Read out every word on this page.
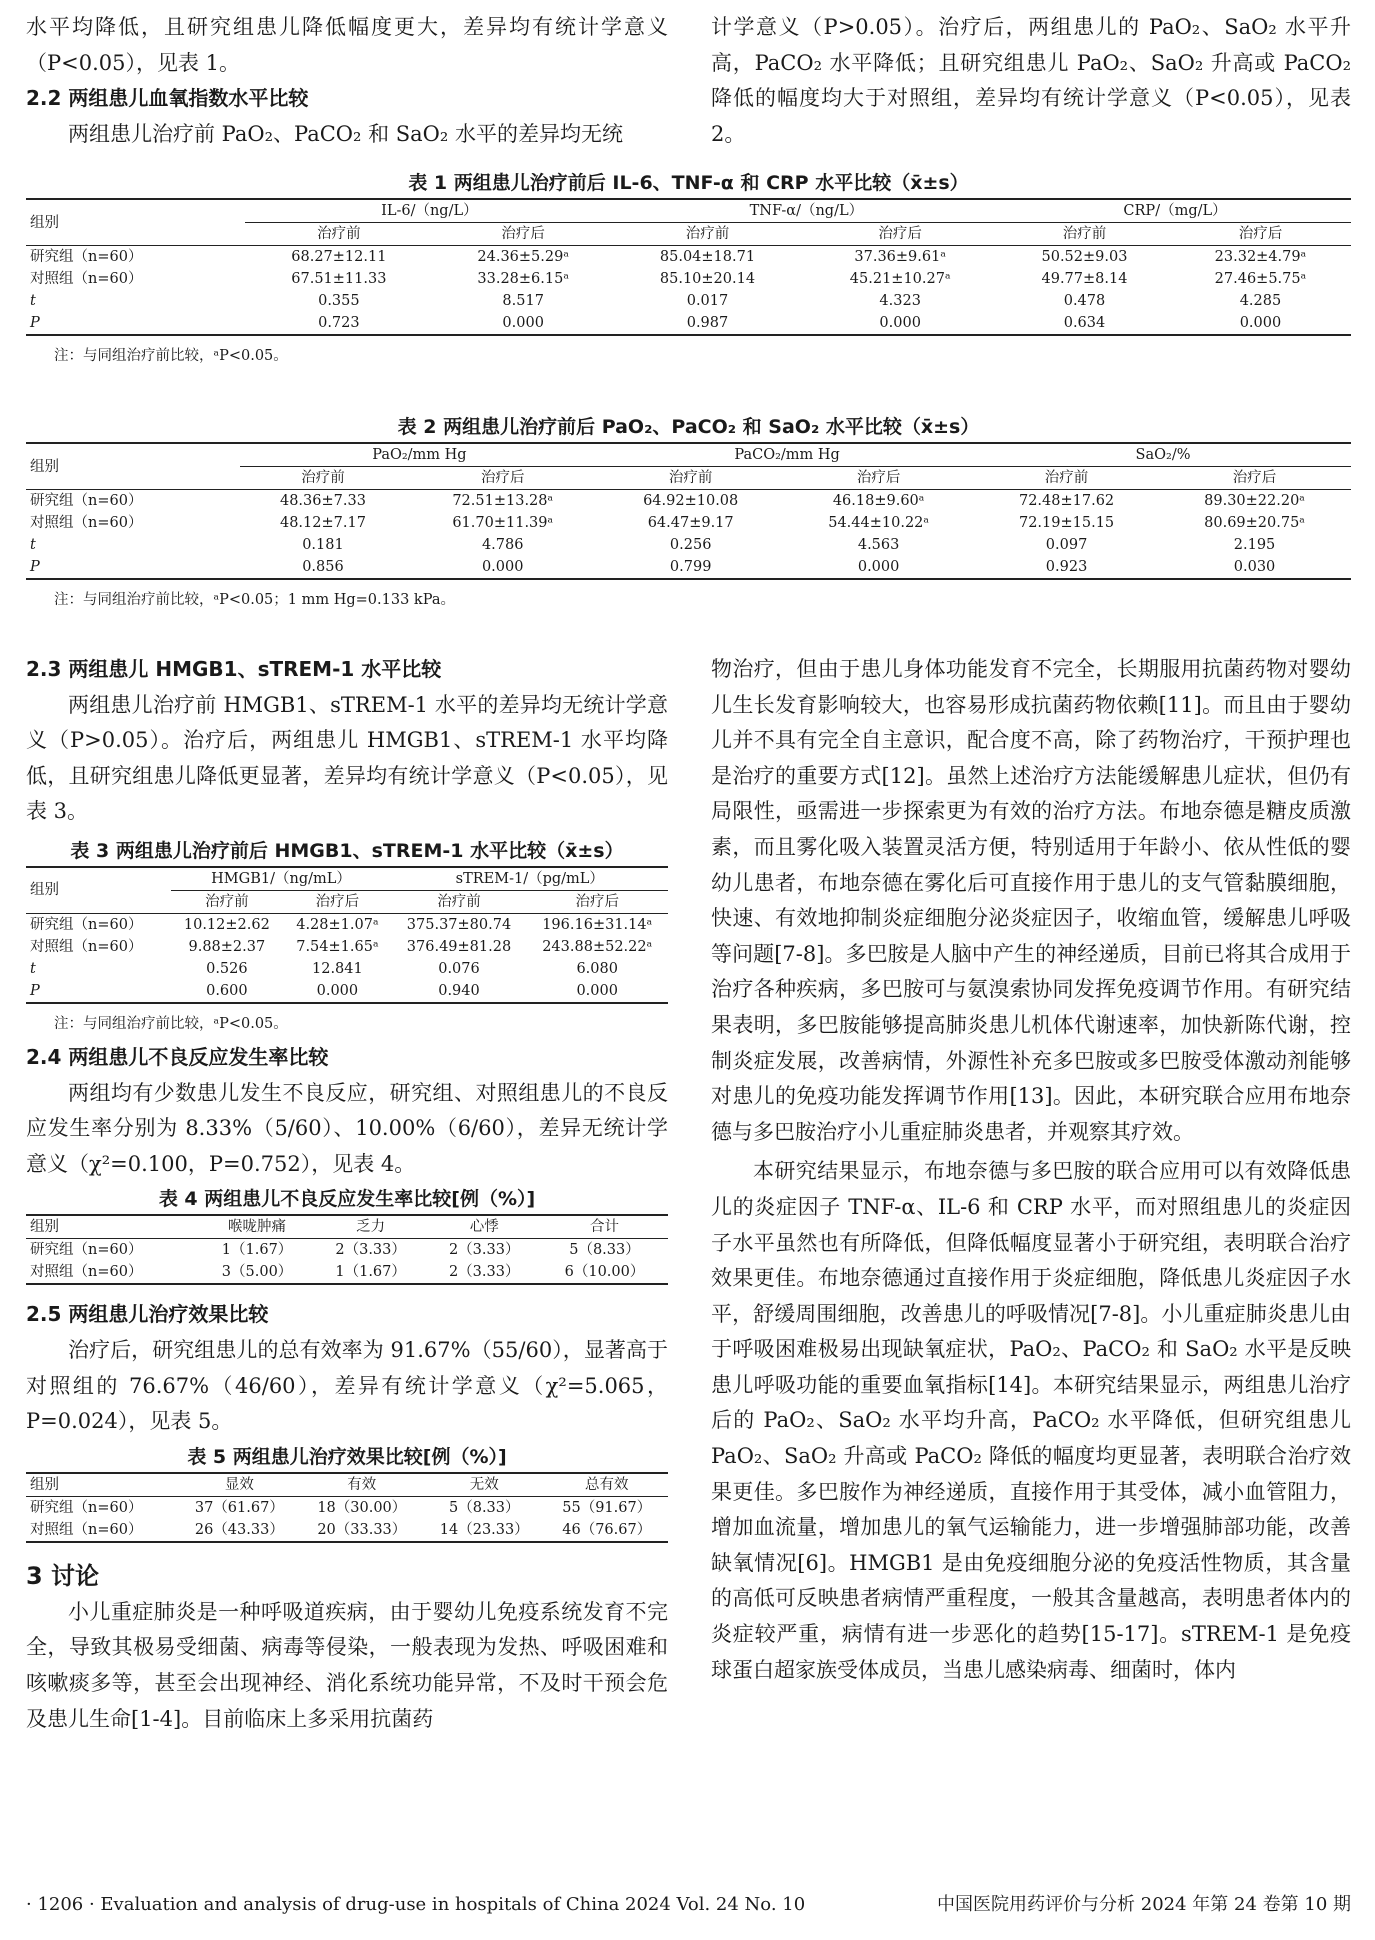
水平均降低，且研究组患儿降低幅度更大，差异均有统计学意义（P<0.05），见表 1。

2.2 两组患儿血氧指数水平比较

两组患儿治疗前 PaO₂、PaCO₂ 和 SaO₂ 水平的差异均无统

计学意义（P>0.05）。治疗后，两组患儿的 PaO₂、SaO₂ 水平升高，PaCO₂ 水平降低；且研究组患儿 PaO₂、SaO₂ 升高或 PaCO₂ 降低的幅度均大于对照组，差异均有统计学意义（P<0.05），见表 2。

表 1 两组患儿治疗前后 IL-6、TNF-α 和 CRP 水平比较（x̄±s）
组别	IL-6/（ng/L）		TNF-α/（ng/L）		CRP/（mg/L）	
	治疗前	治疗后	治疗前	治疗后	治疗前	治疗后
研究组（n=60）	68.27±12.11	24.36±5.29ᵃ	85.04±18.71	37.36±9.61ᵃ	50.52±9.03	23.32±4.79ᵃ
对照组（n=60）	67.51±11.33	33.28±6.15ᵃ	85.10±20.14	45.21±10.27ᵃ	49.77±8.14	27.46±5.75ᵃ
t	0.355	8.517	0.017	4.323	0.478	4.285
P	0.723	0.000	0.987	0.000	0.634	0.000
注：与同组治疗前比较，ᵃP<0.05。
表 2 两组患儿治疗前后 PaO₂、PaCO₂ 和 SaO₂ 水平比较（x̄±s）
组别	PaO₂/mm Hg		PaCO₂/mm Hg		SaO₂/%	
	治疗前	治疗后	治疗前	治疗后	治疗前	治疗后
研究组（n=60）	48.36±7.33	72.51±13.28ᵃ	64.92±10.08	46.18±9.60ᵃ	72.48±17.62	89.30±22.20ᵃ
对照组（n=60）	48.12±7.17	61.70±11.39ᵃ	64.47±9.17	54.44±10.22ᵃ	72.19±15.15	80.69±20.75ᵃ
t	0.181	4.786	0.256	4.563	0.097	2.195
P	0.856	0.000	0.799	0.000	0.923	0.030
注：与同组治疗前比较，ᵃP<0.05；1 mm Hg=0.133 kPa。

2.3 两组患儿 HMGB1、sTREM-1 水平比较

两组患儿治疗前 HMGB1、sTREM-1 水平的差异均无统计学意义（P>0.05）。治疗后，两组患儿 HMGB1、sTREM-1 水平均降低，且研究组患儿降低更显著，差异均有统计学意义（P<0.05），见表 3。

表 3 两组患儿治疗前后 HMGB1、sTREM-1 水平比较（x̄±s）
组别	HMGB1/（ng/mL）		sTREM-1/（pg/mL）	
	治疗前	治疗后	治疗前	治疗后
研究组（n=60）	10.12±2.62	4.28±1.07ᵃ	375.37±80.74	196.16±31.14ᵃ
对照组（n=60）	9.88±2.37	7.54±1.65ᵃ	376.49±81.28	243.88±52.22ᵃ
t	0.526	12.841	0.076	6.080
P	0.600	0.000	0.940	0.000
注：与同组治疗前比较，ᵃP<0.05。

2.4 两组患儿不良反应发生率比较

两组均有少数患儿发生不良反应，研究组、对照组患儿的不良反应发生率分别为 8.33%（5/60）、10.00%（6/60），差异无统计学意义（χ²=0.100，P=0.752），见表 4。

表 4 两组患儿不良反应发生率比较[例（%）]
组别	喉咙肿痛	乏力	心悸	合计
研究组（n=60）	1（1.67）	2（3.33）	2（3.33）	5（8.33）
对照组（n=60）	3（5.00）	1（1.67）	2（3.33）	6（10.00）

2.5 两组患儿治疗效果比较

治疗后，研究组患儿的总有效率为 91.67%（55/60），显著高于对照组的 76.67%（46/60），差异有统计学意义（χ²=5.065，P=0.024），见表 5。

表 5 两组患儿治疗效果比较[例（%）]
组别	显效	有效	无效	总有效
研究组（n=60）	37（61.67）	18（30.00）	5（8.33）	55（91.67）
对照组（n=60）	26（43.33）	20（33.33）	14（23.33）	46（76.67）

3 讨论

小儿重症肺炎是一种呼吸道疾病，由于婴幼儿免疫系统发育不完全，导致其极易受细菌、病毒等侵染，一般表现为发热、呼吸困难和咳嗽痰多等，甚至会出现神经、消化系统功能异常，不及时干预会危及患儿生命[1-4]。目前临床上多采用抗菌药

物治疗，但由于患儿身体功能发育不完全，长期服用抗菌药物对婴幼儿生长发育影响较大，也容易形成抗菌药物依赖[11]。而且由于婴幼儿并不具有完全自主意识，配合度不高，除了药物治疗，干预护理也是治疗的重要方式[12]。虽然上述治疗方法能缓解患儿症状，但仍有局限性，亟需进一步探索更为有效的治疗方法。布地奈德是糖皮质激素，而且雾化吸入装置灵活方便，特别适用于年龄小、依从性低的婴幼儿患者，布地奈德在雾化后可直接作用于患儿的支气管黏膜细胞，快速、有效地抑制炎症细胞分泌炎症因子，收缩血管，缓解患儿呼吸等问题[7-8]。多巴胺是人脑中产生的神经递质，目前已将其合成用于治疗各种疾病，多巴胺可与氨溴索协同发挥免疫调节作用。有研究结果表明，多巴胺能够提高肺炎患儿机体代谢速率，加快新陈代谢，控制炎症发展，改善病情，外源性补充多巴胺或多巴胺受体激动剂能够对患儿的免疫功能发挥调节作用[13]。因此，本研究联合应用布地奈德与多巴胺治疗小儿重症肺炎患者，并观察其疗效。

本研究结果显示，布地奈德与多巴胺的联合应用可以有效降低患儿的炎症因子 TNF-α、IL-6 和 CRP 水平，而对照组患儿的炎症因子水平虽然也有所降低，但降低幅度显著小于研究组，表明联合治疗效果更佳。布地奈德通过直接作用于炎症细胞，降低患儿炎症因子水平，舒缓周围细胞，改善患儿的呼吸情况[7-8]。小儿重症肺炎患儿由于呼吸困难极易出现缺氧症状，PaO₂、PaCO₂ 和 SaO₂ 水平是反映患儿呼吸功能的重要血氧指标[14]。本研究结果显示，两组患儿治疗后的 PaO₂、SaO₂ 水平均升高，PaCO₂ 水平降低，但研究组患儿 PaO₂、SaO₂ 升高或 PaCO₂ 降低的幅度均更显著，表明联合治疗效果更佳。多巴胺作为神经递质，直接作用于其受体，减小血管阻力，增加血流量，增加患儿的氧气运输能力，进一步增强肺部功能，改善缺氧情况[6]。HMGB1 是由免疫细胞分泌的免疫活性物质，其含量的高低可反映患者病情严重程度，一般其含量越高，表明患者体内的炎症较严重，病情有进一步恶化的趋势[15-17]。sTREM-1 是免疫球蛋白超家族受体成员，当患儿感染病毒、细菌时，体内

· 1206 · Evaluation and analysis of drug-use in hospitals of China 2024 Vol. 24 No. 10	中国医院用药评价与分析 2024 年第 24 卷第 10 期
